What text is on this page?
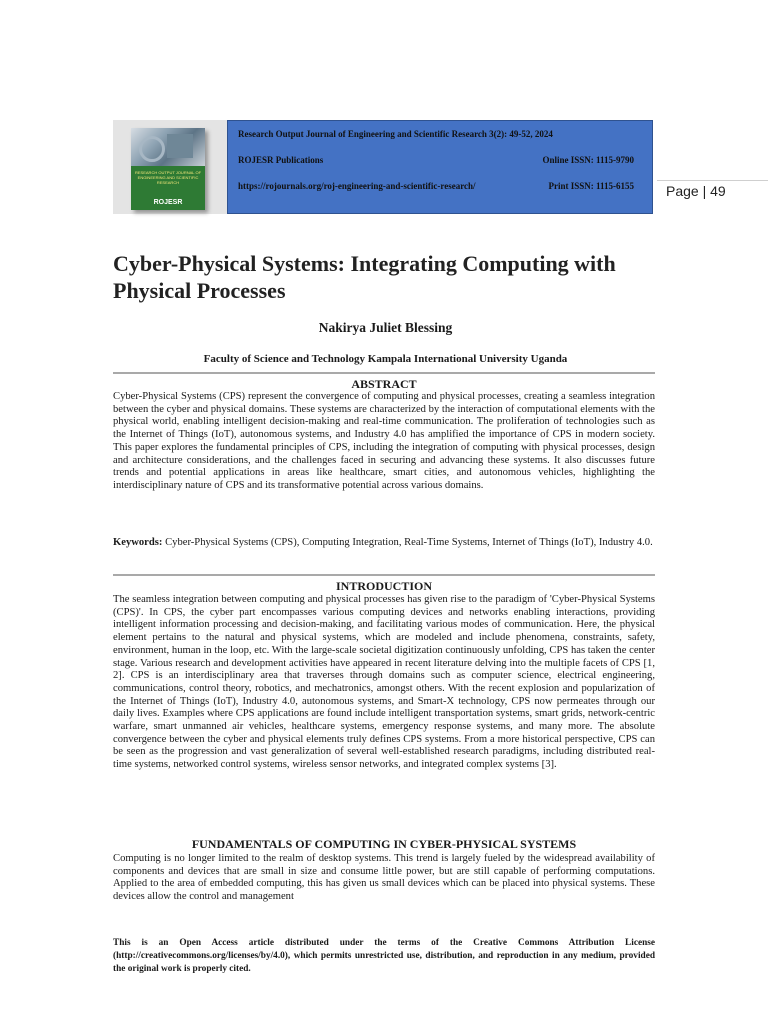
RESEARCH OUTPUT JOURNAL OF ENGINEERING AND SCIENTIFIC RESEARCH
ROJESR
Research Output Journal of Engineering and Scientific Research 3(2): 49-52, 2024
ROJESR Publications	Online ISSN: 1115-9790
https://rojournals.org/roj-engineering-and-scientific-research/	Print ISSN: 1115-6155 Page | 49
Cyber-Physical Systems: Integrating Computing with Physical Processes
Nakirya Juliet Blessing
Faculty of Science and Technology Kampala International University Uganda
ABSTRACT

Cyber-Physical Systems (CPS) represent the convergence of computing and physical processes, creating a seamless integration between the cyber and physical domains. These systems are characterized by the interaction of computational elements with the physical world, enabling intelligent decision-making and real-time communication. The proliferation of technologies such as the Internet of Things (IoT), autonomous systems, and Industry 4.0 has amplified the importance of CPS in modern society. This paper explores the fundamental principles of CPS, including the integration of computing with physical processes, design and architecture considerations, and the challenges faced in securing and advancing these systems. It also discusses future trends and potential applications in areas like healthcare, smart cities, and autonomous vehicles, highlighting the interdisciplinary nature of CPS and its transformative potential across various domains.

Keywords: Cyber-Physical Systems (CPS), Computing Integration, Real-Time Systems, Internet of Things (IoT), Industry 4.0.

INTRODUCTION

The seamless integration between computing and physical processes has given rise to the paradigm of 'Cyber-Physical Systems (CPS)'. In CPS, the cyber part encompasses various computing devices and networks enabling interactions, providing intelligent information processing and decision-making, and facilitating various modes of communication. Here, the physical element pertains to the natural and physical systems, which are modeled and include phenomena, constraints, safety, environment, human in the loop, etc. With the large-scale societal digitization continuously unfolding, CPS has taken the center stage. Various research and development activities have appeared in recent literature delving into the multiple facets of CPS [1, 2]. CPS is an interdisciplinary area that traverses through domains such as computer science, electrical engineering, communications, control theory, robotics, and mechatronics, amongst others. With the recent explosion and popularization of the Internet of Things (IoT), Industry 4.0, autonomous systems, and Smart-X technology, CPS now permeates through our daily lives. Examples where CPS applications are found include intelligent transportation systems, smart grids, network-centric warfare, smart unmanned air vehicles, healthcare systems, emergency response systems, and many more. The absolute convergence between the cyber and physical elements truly defines CPS systems. From a more historical perspective, CPS can be seen as the progression and vast generalization of several well-established research paradigms, including distributed real-time systems, networked control systems, wireless sensor networks, and integrated complex systems [3].

FUNDAMENTALS OF COMPUTING IN CYBER-PHYSICAL SYSTEMS

Computing is no longer limited to the realm of desktop systems. This trend is largely fueled by the widespread availability of components and devices that are small in size and consume little power, but are still capable of performing computations. Applied to the area of embedded computing, this has given us small devices which can be placed into physical systems. These devices allow the control and management

This is an Open Access article distributed under the terms of the Creative Commons Attribution License (http://creativecommons.org/licenses/by/4.0), which permits unrestricted use, distribution, and reproduction in any medium, provided the original work is properly cited.
